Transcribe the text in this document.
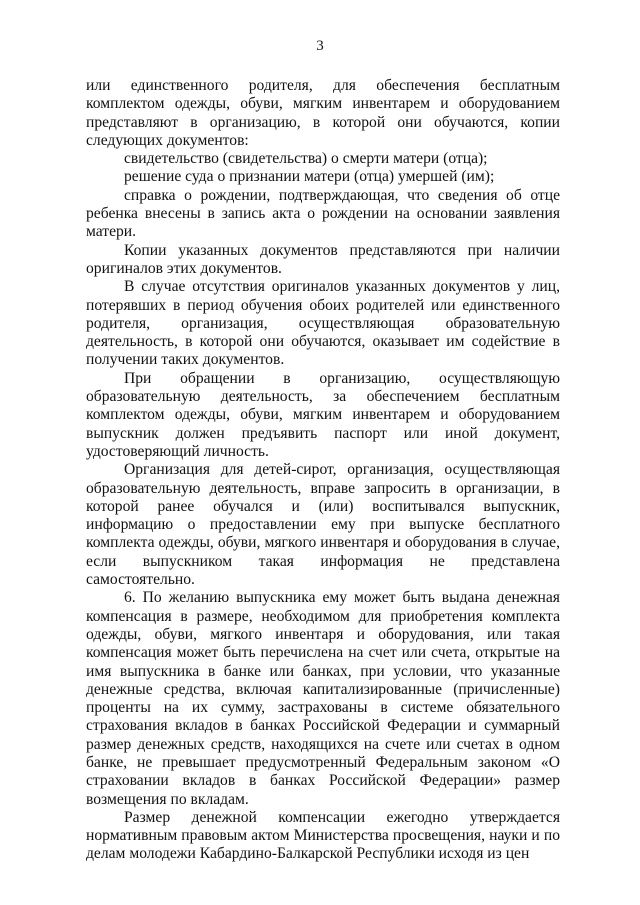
3

или единственного родителя, для обеспечения бесплатным комплектом одежды, обуви, мягким инвентарем и оборудованием представляют в организацию, в которой они обучаются, копии следующих документов:

свидетельство (свидетельства) о смерти матери (отца);

решение суда о признании матери (отца) умершей (им);

справка о рождении, подтверждающая, что сведения об отце ребенка внесены в запись акта о рождении на основании заявления матери.

Копии указанных документов представляются при наличии оригиналов этих документов.

В случае отсутствия оригиналов указанных документов у лиц, потерявших в период обучения обоих родителей или единственного родителя, организация, осуществляющая образовательную деятельность, в которой они обучаются, оказывает им содействие в получении таких документов.

При обращении в организацию, осуществляющую образовательную деятельность, за обеспечением бесплатным комплектом одежды, обуви, мягким инвентарем и оборудованием выпускник должен предъявить паспорт или иной документ, удостоверяющий личность.

Организация для детей-сирот, организация, осуществляющая образовательную деятельность, вправе запросить в организации, в которой ранее обучался и (или) воспитывался выпускник, информацию о предоставлении ему при выпуске бесплатного комплекта одежды, обуви, мягкого инвентаря и оборудования в случае, если выпускником такая информация не представлена самостоятельно.

6. По желанию выпускника ему может быть выдана денежная компенсация в размере, необходимом для приобретения комплекта одежды, обуви, мягкого инвентаря и оборудования, или такая компенсация может быть перечислена на счет или счета, открытые на имя выпускника в банке или банках, при условии, что указанные денежные средства, включая капитализированные (причисленные) проценты на их сумму, застрахованы в системе обязательного страхования вкладов в банках Российской Федерации и суммарный размер денежных средств, находящихся на счете или счетах в одном банке, не превышает предусмотренный Федеральным законом «О страховании вкладов в банках Российской Федерации» размер возмещения по вкладам.

Размер денежной компенсации ежегодно утверждается нормативным правовым актом Министерства просвещения, науки и по делам молодежи Кабардино-Балкарской Республики исходя из цен
